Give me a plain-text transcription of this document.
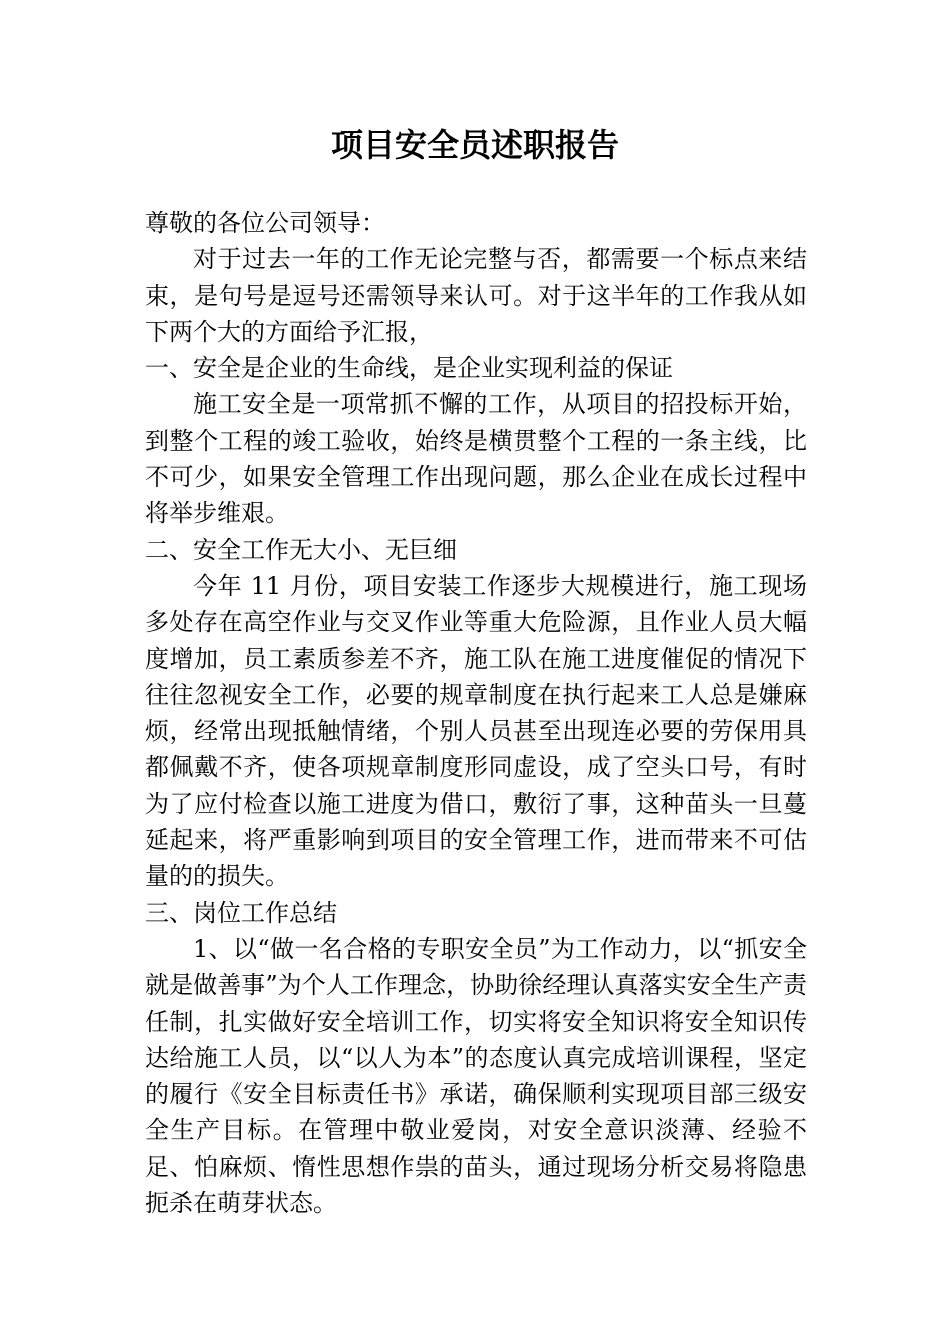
项目安全员述职报告

尊敬的各位公司领导：

对于过去一年的工作无论完整与否，都需要一个标点来结束，是句号是逗号还需领导来认可。对于这半年的工作我从如下两个大的方面给予汇报，

一、安全是企业的生命线，是企业实现利益的保证

施工安全是一项常抓不懈的工作，从项目的招投标开始，到整个工程的竣工验收，始终是横贯整个工程的一条主线，比不可少，如果安全管理工作出现问题，那么企业在成长过程中将举步维艰。

二、安全工作无大小、无巨细

今年 11 月份，项目安装工作逐步大规模进行，施工现场多处存在高空作业与交叉作业等重大危险源，且作业人员大幅度增加，员工素质参差不齐，施工队在施工进度催促的情况下往往忽视安全工作，必要的规章制度在执行起来工人总是嫌麻烦，经常出现抵触情绪，个别人员甚至出现连必要的劳保用具都佩戴不齐，使各项规章制度形同虚设，成了空头口号，有时为了应付检查以施工进度为借口，敷衍了事，这种苗头一旦蔓延起来，将严重影响到项目的安全管理工作，进而带来不可估量的的损失。

三、岗位工作总结

1、以“做一名合格的专职安全员”为工作动力，以“抓安全就是做善事”为个人工作理念，协助徐经理认真落实安全生产责任制，扎实做好安全培训工作，切实将安全知识将安全知识传达给施工人员，以“以人为本”的态度认真完成培训课程，坚定的履行《安全目标责任书》承诺，确保顺利实现项目部三级安全生产目标。在管理中敬业爱岗，对安全意识淡薄、经验不足、怕麻烦、惰性思想作祟的苗头，通过现场分析交易将隐患扼杀在萌芽状态。
